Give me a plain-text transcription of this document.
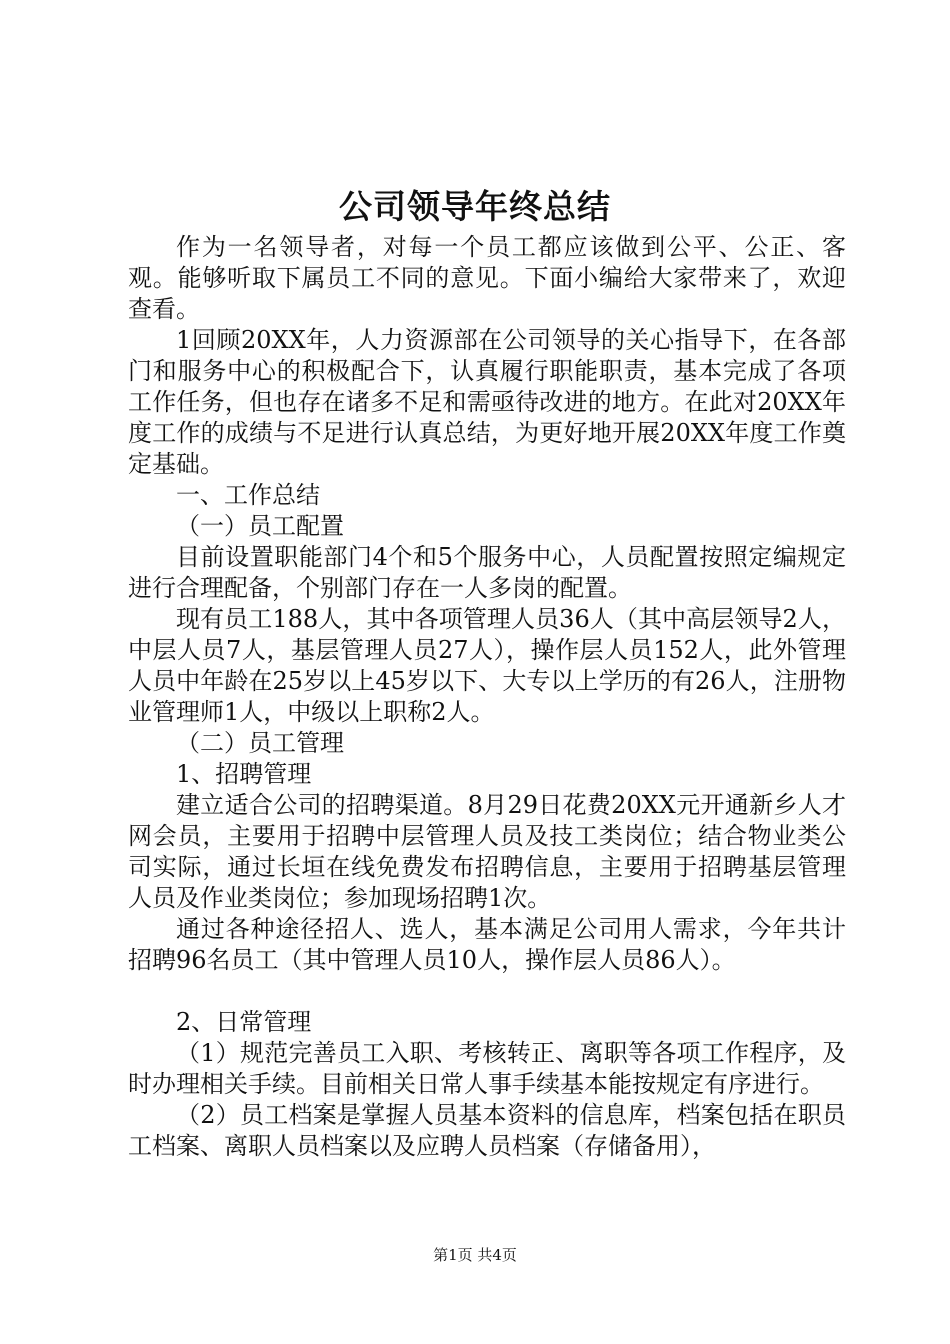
公司领导年终总结

作为一名领导者，对每一个员工都应该做到公平、公正、客观。能够听取下属员工不同的意见。下面小编给大家带来了，欢迎查看。

1回顾20XX年，人力资源部在公司领导的关心指导下，在各部门和服务中心的积极配合下，认真履行职能职责，基本完成了各项工作任务，但也存在诸多不足和需亟待改进的地方。在此对20XX年度工作的成绩与不足进行认真总结，为更好地开展20XX年度工作奠定基础。

一、工作总结

（一）员工配置

目前设置职能部门4个和5个服务中心，人员配置按照定编规定进行合理配备，个别部门存在一人多岗的配置。

现有员工188人，其中各项管理人员36人（其中高层领导2人，中层人员7人，基层管理人员27人），操作层人员152人，此外管理人员中年龄在25岁以上45岁以下、大专以上学历的有26人，注册物业管理师1人，中级以上职称2人。

（二）员工管理

1、招聘管理

建立适合公司的招聘渠道。8月29日花费20XX元开通新乡人才网会员，主要用于招聘中层管理人员及技工类岗位；结合物业类公司实际，通过长垣在线免费发布招聘信息，主要用于招聘基层管理人员及作业类岗位；参加现场招聘1次。

通过各种途径招人、选人，基本满足公司用人需求，今年共计招聘96名员工（其中管理人员10人，操作层人员86人）。

2、日常管理

（1）规范完善员工入职、考核转正、离职等各项工作程序，及时办理相关手续。目前相关日常人事手续基本能按规定有序进行。

（2）员工档案是掌握人员基本资料的信息库，档案包括在职员工档案、离职人员档案以及应聘人员档案（存储备用），

第1页 共4页
